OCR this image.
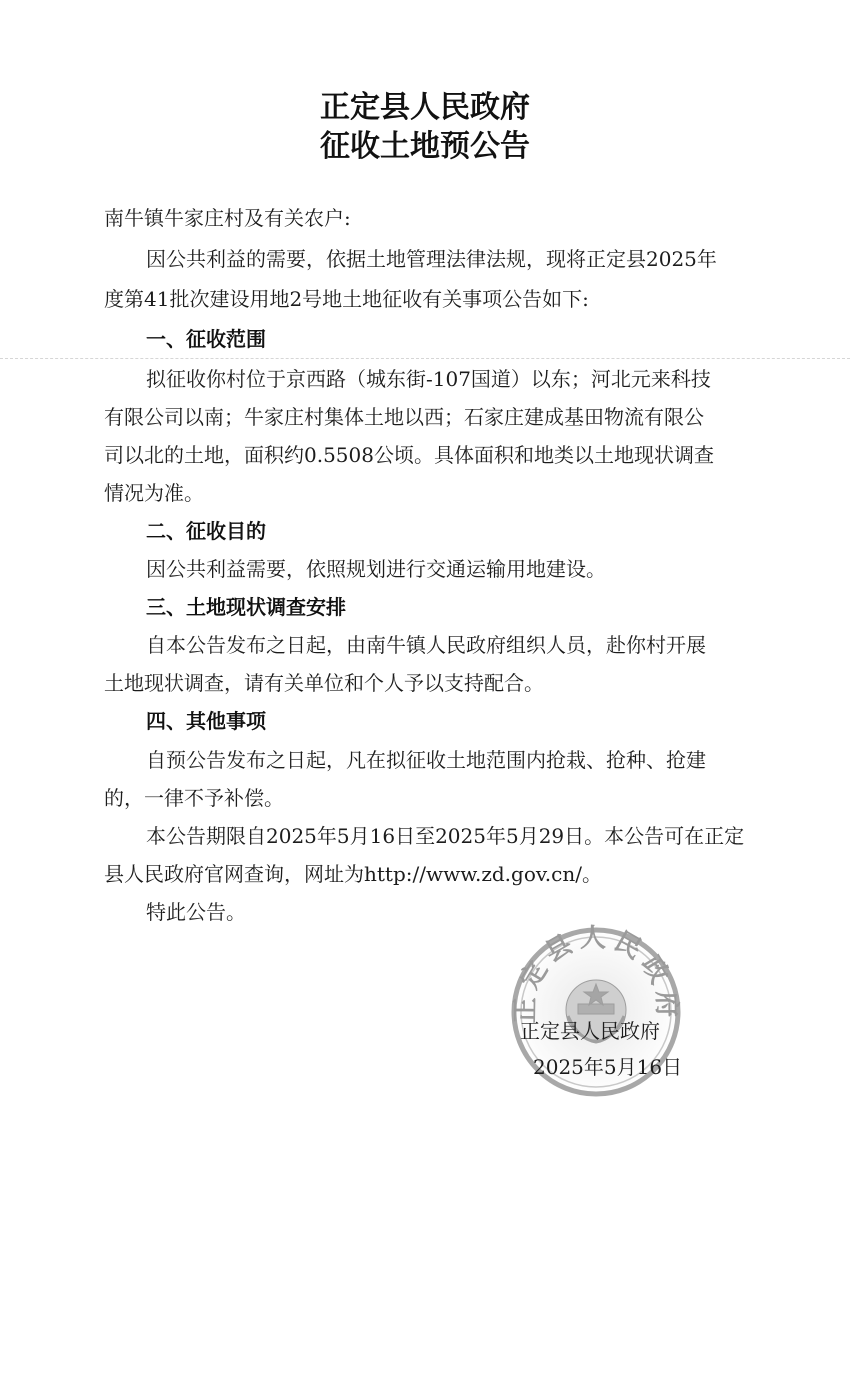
正定县人民政府
征收土地预公告
南牛镇牛家庄村及有关农户:
因公共利益的需要，依据土地管理法律法规，现将正定县2025年
度第41批次建设用地2号地土地征收有关事项公告如下:
一、征收范围
拟征收你村位于京西路（城东街-107国道）以东；河北元来科技
有限公司以南；牛家庄村集体土地以西；石家庄建成基田物流有限公
司以北的土地，面积约0.5508公顷。具体面积和地类以土地现状调查
情况为准。
二、征收目的
因公共利益需要，依照规划进行交通运输用地建设。
三、土地现状调查安排
自本公告发布之日起，由南牛镇人民政府组织人员，赴你村开展
土地现状调查，请有关单位和个人予以支持配合。
四、其他事项
自预公告发布之日起，凡在拟征收土地范围内抢栽、抢种、抢建
的，一律不予补偿。
本公告期限自2025年5月16日至2025年5月29日。本公告可在正定
县人民政府官网查询，网址为http://www.zd.gov.cn/。
特此公告。
正定县人民政府
正定县人民政府
2025年5月16日
